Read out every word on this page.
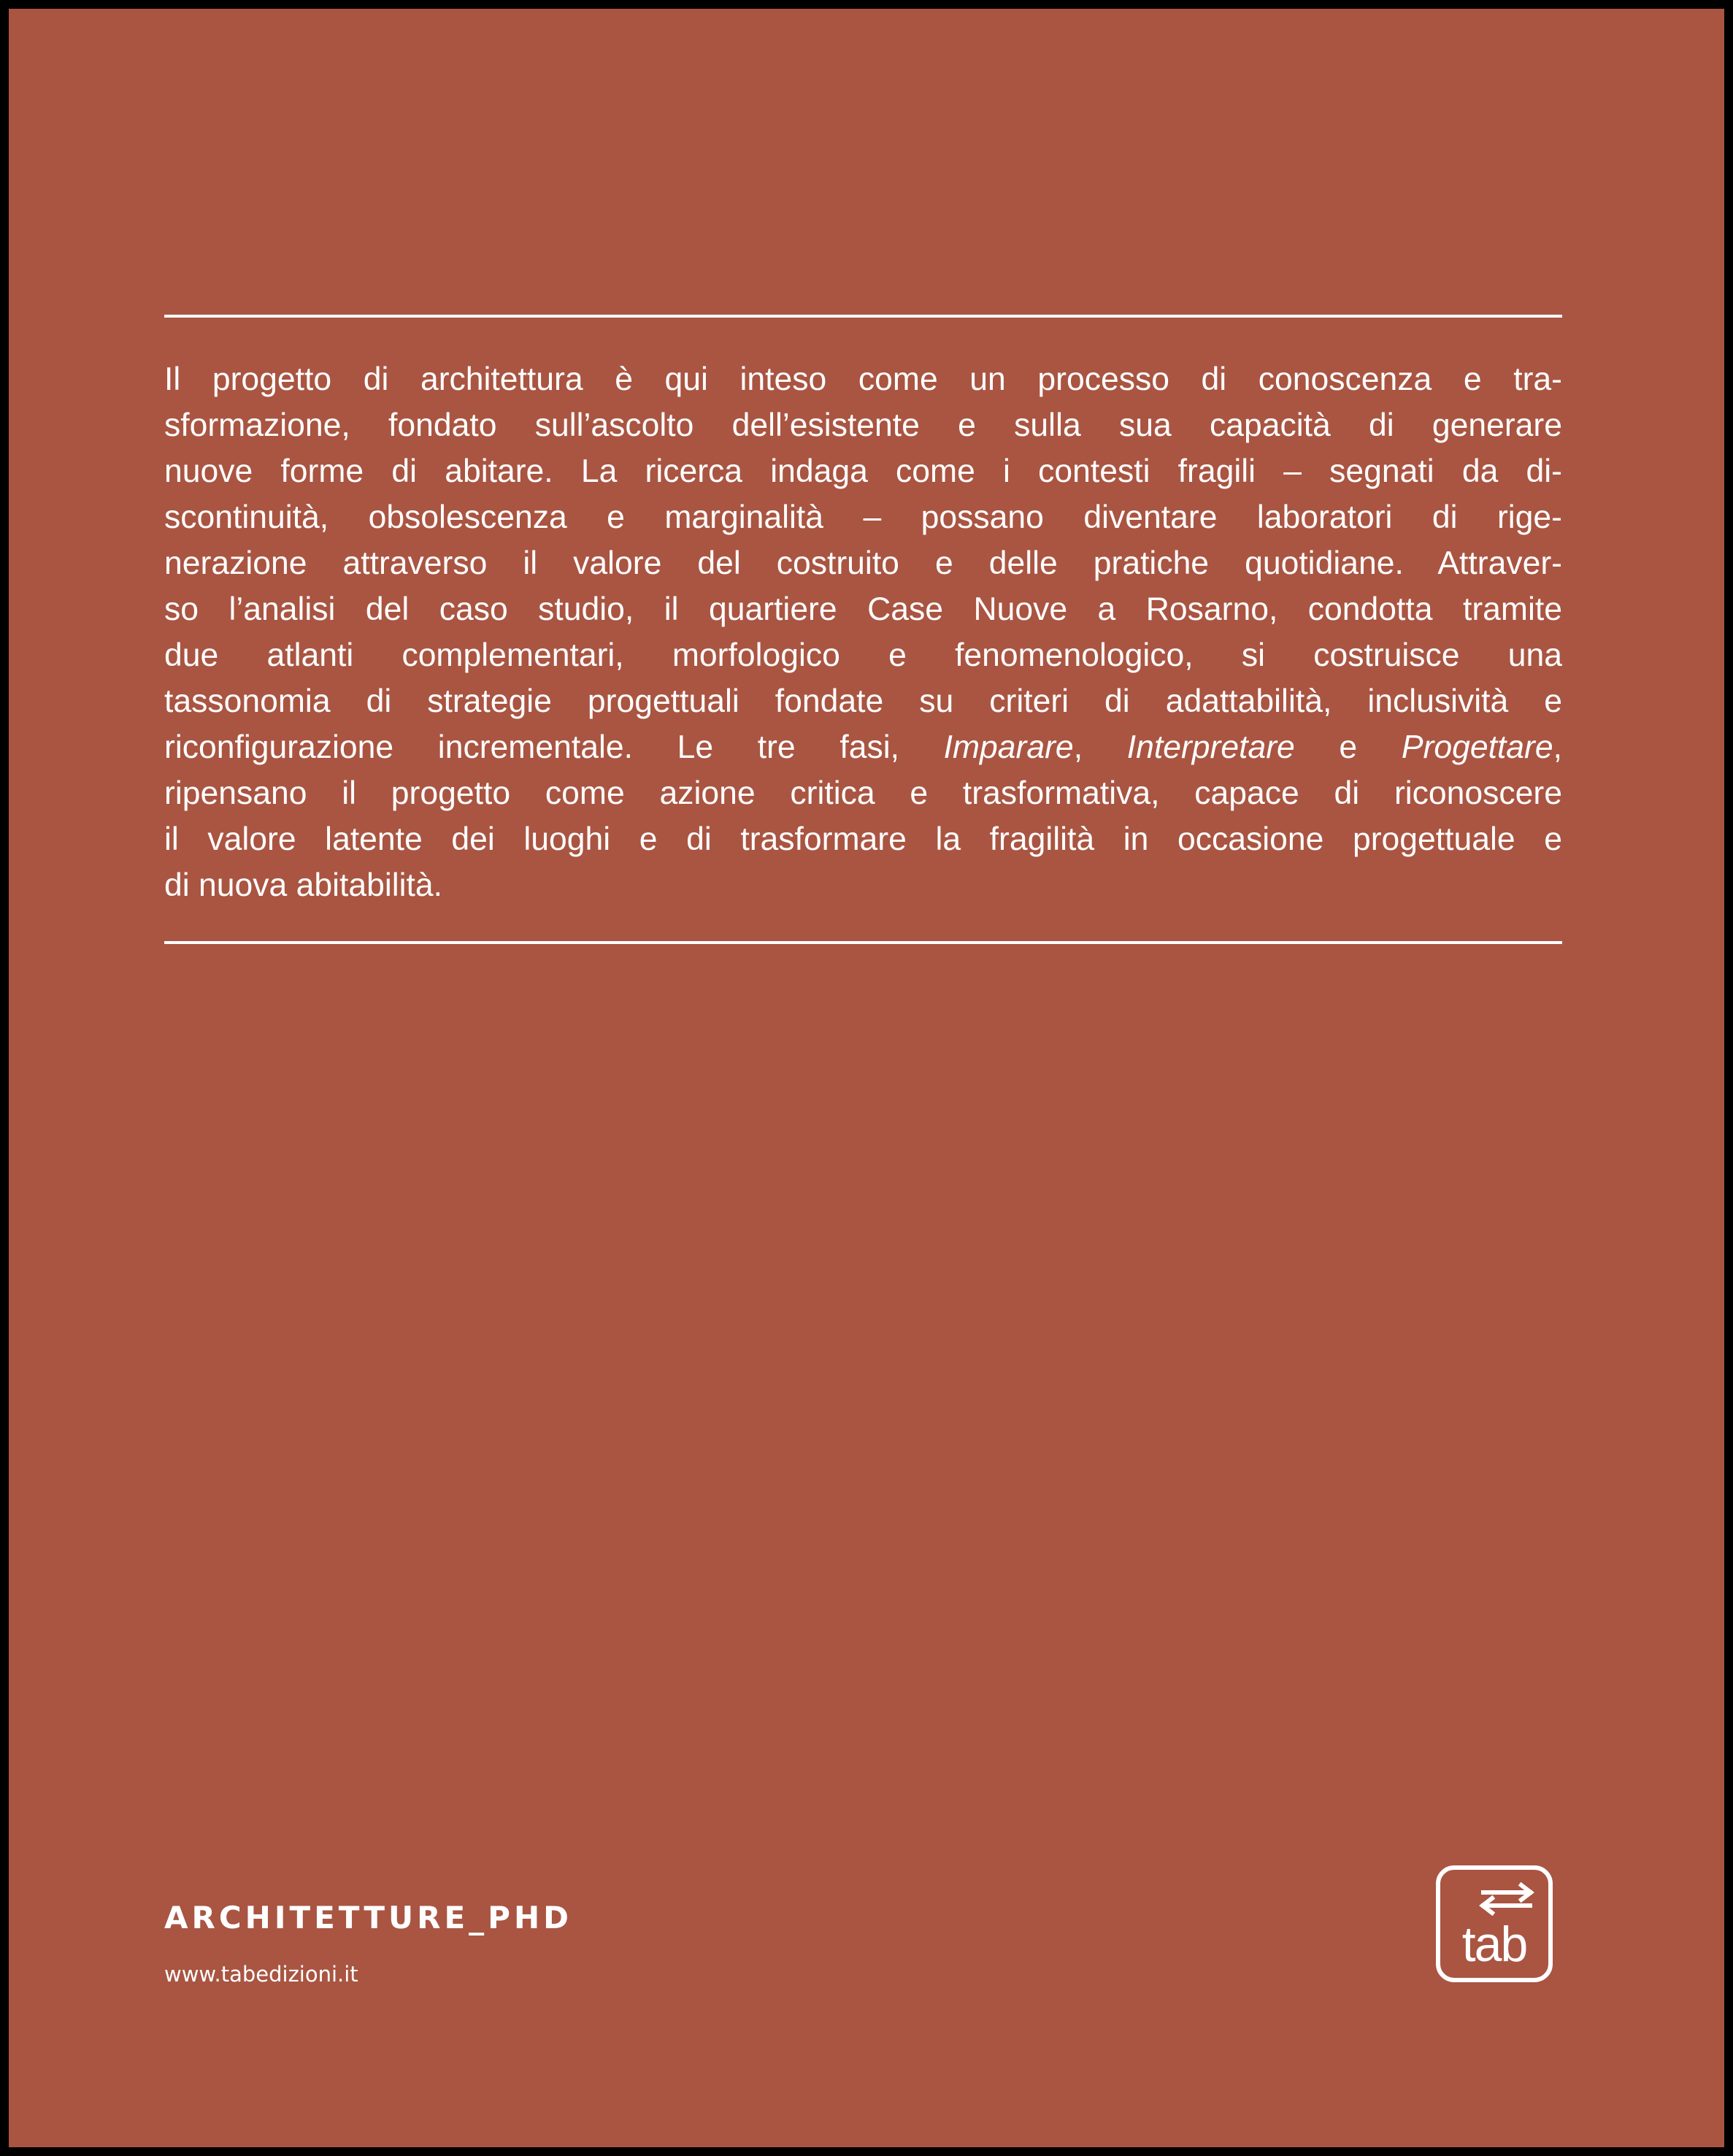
Il progetto di architettura è qui inteso come un processo di conoscenza e tra-
sformazione, fondato sull’ascolto dell’esistente e sulla sua capacità di generare
nuove forme di abitare. La ricerca indaga come i contesti fragili – segnati da di-
scontinuità, obsolescenza e marginalità – possano diventare laboratori di rige-
nerazione attraverso il valore del costruito e delle pratiche quotidiane. Attraver-
so l’analisi del caso studio, il quartiere Case Nuove a Rosarno, condotta tramite
due atlanti complementari, morfologico e fenomenologico, si costruisce una
tassonomia di strategie progettuali fondate su criteri di adattabilità, inclusività e
riconfigurazione incrementale. Le tre fasi, Imparare, Interpretare e Progettare,
ripensano il progetto come azione critica e trasformativa, capace di riconoscere
il valore latente dei luoghi e di trasformare la fragilità in occasione progettuale e
di nuova abitabilità.
ARCHITETTURE_PHD
www.tabedizioni.it
tab
